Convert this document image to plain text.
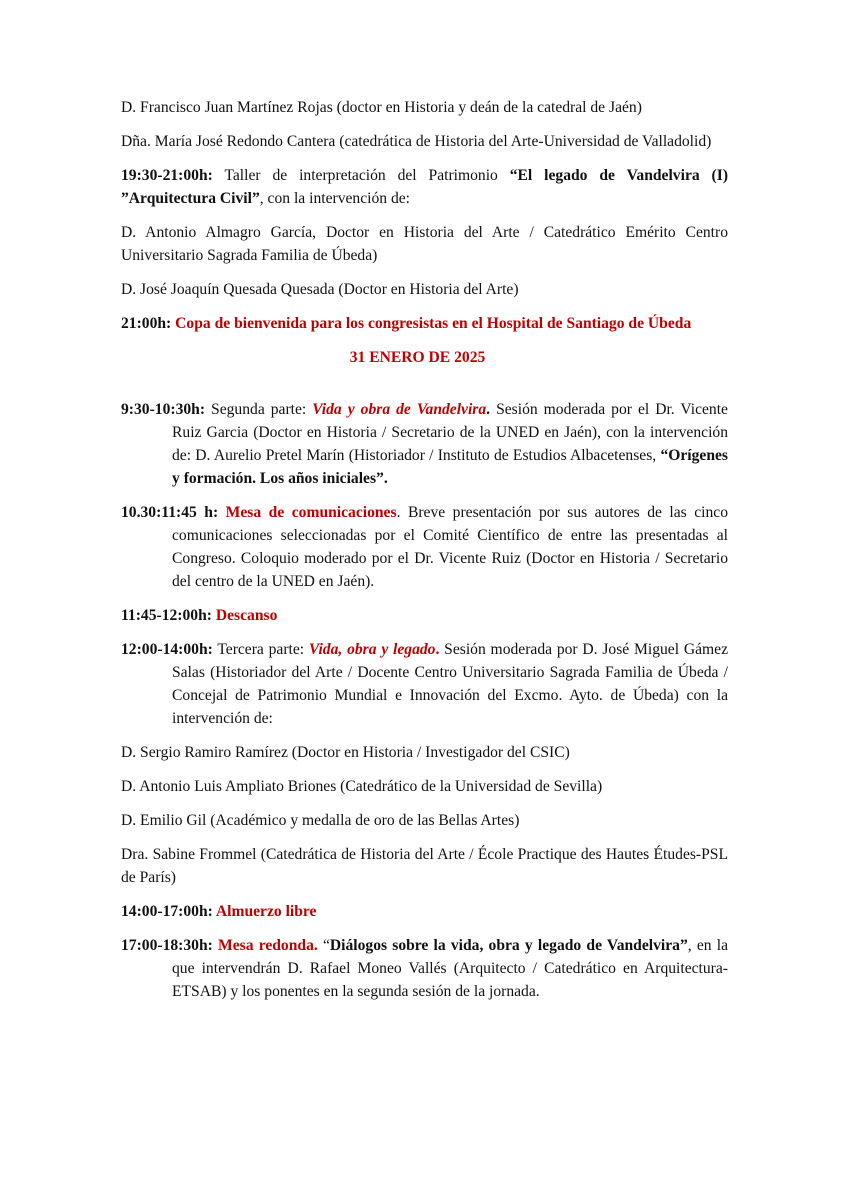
D. Francisco Juan Martínez Rojas (doctor en Historia y deán de la catedral de Jaén)

Dña. María José Redondo Cantera (catedrática de Historia del Arte-Universidad de Valladolid)

19:30-21:00h: Taller de interpretación del Patrimonio “El legado de Vandelvira (I) ”Arquitectura Civil”, con la intervención de:

D. Antonio Almagro García, Doctor en Historia del Arte / Catedrático Emérito Centro Universitario Sagrada Familia de Úbeda)

D. José Joaquín Quesada Quesada (Doctor en Historia del Arte)

21:00h: Copa de bienvenida para los congresistas en el Hospital de Santiago de Úbeda

31 ENERO DE 2025

9:30-10:30h: Segunda parte: Vida y obra de Vandelvira. Sesión moderada por el Dr. Vicente Ruiz Garcia (Doctor en Historia / Secretario de la UNED en Jaén), con la intervención de: D. Aurelio Pretel Marín (Historiador / Instituto de Estudios Albacetenses, “Orígenes y formación. Los años iniciales”.

10.30:11:45 h: Mesa de comunicaciones. Breve presentación por sus autores de las cinco comunicaciones seleccionadas por el Comité Científico de entre las presentadas al Congreso. Coloquio moderado por el Dr. Vicente Ruiz (Doctor en Historia / Secretario del centro de la UNED en Jaén).

11:45-12:00h: Descanso

12:00-14:00h: Tercera parte: Vida, obra y legado. Sesión moderada por D. José Miguel Gámez Salas (Historiador del Arte / Docente Centro Universitario Sagrada Familia de Úbeda / Concejal de Patrimonio Mundial e Innovación del Excmo. Ayto. de Úbeda) con la intervención de:

D. Sergio Ramiro Ramírez (Doctor en Historia / Investigador del CSIC)

D. Antonio Luis Ampliato Briones (Catedrático de la Universidad de Sevilla)

D. Emilio Gil (Académico y medalla de oro de las Bellas Artes)

Dra. Sabine Frommel (Catedrática de Historia del Arte / École Practique des Hautes Études-PSL de París)

14:00-17:00h: Almuerzo libre

17:00-18:30h: Mesa redonda. “Diálogos sobre la vida, obra y legado de Vandelvira”, en la que intervendrán D. Rafael Moneo Vallés (Arquitecto / Catedrático en Arquitectura-ETSAB) y los ponentes en la segunda sesión de la jornada.
